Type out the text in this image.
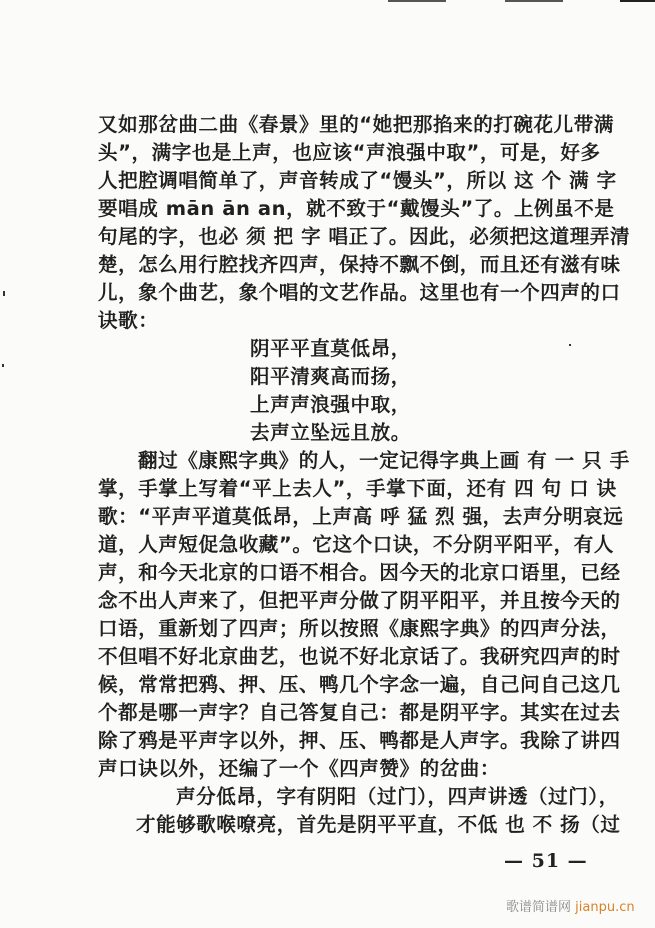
又如那岔曲二曲《春景》里的“她把那掐来的打碗花儿带满
头”，满字也是上声，也应该“声浪强中取”，可是，好多
人把腔调唱简单了，声音转成了“馒头”，所以 这 个 满 字
要唱成 mān ān an，就不致于“戴馒头”了。上例虽不是
句尾的字，也必 须 把 字 唱正了。因此，必须把这道理弄清
楚，怎么用行腔找齐四声，保持不飘不倒，而且还有滋有味
儿，象个曲艺，象个唱的文艺作品。这里也有一个四声的口
诀歌：
阴平平直莫低昂，
阳平清爽高而扬，
上声声浪强中取，
去声立坠远且放。
翻过《康熙字典》的人，一定记得字典上画 有 一 只 手
掌，手掌上写着“平上去人”，手掌下面，还有 四 句 口 诀
歌：“平声平道莫低昂，上声高 呼 猛 烈 强，去声分明哀远
道，人声短促急收藏”。它这个口诀，不分阴平阳平，有人
声，和今天北京的口语不相合。因今天的北京口语里，已经
念不出人声来了，但把平声分做了阴平阳平，并且按今天的
口语，重新划了四声；所以按照《康熙字典》的四声分法，
不但唱不好北京曲艺，也说不好北京话了。我研究四声的时
候，常常把鸦、押、压、鸭几个字念一遍，自己问自己这几
个都是哪一声字？自己答复自己：都是阴平字。其实在过去
除了鸦是平声字以外，押、压、鸭都是人声字。我除了讲四
声口诀以外，还编了一个《四声赞》的岔曲：
声分低昂，字有阴阳（过门），四声讲透（过门），
才能够歌喉嘹亮，首先是阴平平直，不低 也 不 扬（过
— 51 —
歌谱简谱网 jianpu.cn
